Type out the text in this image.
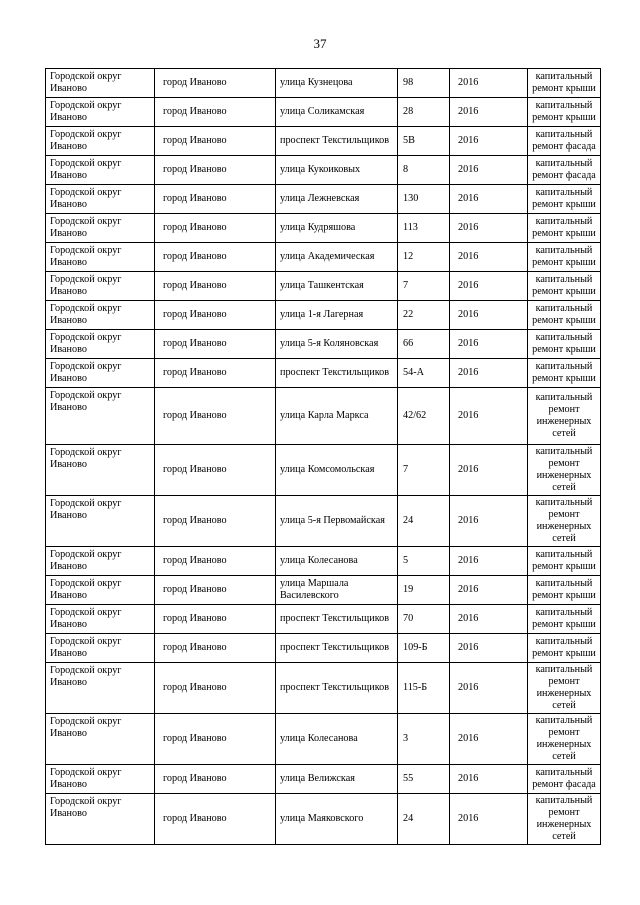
37
Городской округ Иваново	город Иваново	улица Кузнецова	98	2016	капитальный ремонт крыши
Городской округ Иваново	город Иваново	улица Соликамская	28	2016	капитальный ремонт крыши
Городской округ Иваново	город Иваново	проспект Текстильщиков	5В	2016	капитальный ремонт фасада
Городской округ Иваново	город Иваново	улица Кукоиковых	8	2016	капитальный ремонт фасада
Городской округ Иваново	город Иваново	улица Лежневская	130	2016	капитальный ремонт крыши
Городской округ Иваново	город Иваново	улица Кудряшова	113	2016	капитальный ремонт крыши
Городской округ Иваново	город Иваново	улица Академическая	12	2016	капитальный ремонт крыши
Городской округ Иваново	город Иваново	улица Ташкентская	7	2016	капитальный ремонт крыши
Городской округ Иваново	город Иваново	улица 1-я Лагерная	22	2016	капитальный ремонт крыши
Городской округ Иваново	город Иваново	улица 5-я Коляновская	66	2016	капитальный ремонт крыши
Городской округ Иваново	город Иваново	проспект Текстильщиков	54-А	2016	капитальный ремонт крыши
Городской округ Иваново	город Иваново	улица Карла Маркса	42/62	2016	капитальный ремонт инженерных сетей
Городской округ Иваново	город Иваново	улица Комсомольская	7	2016	капитальный ремонт инженерных сетей
Городской округ Иваново	город Иваново	улица 5-я Первомайская	24	2016	капитальный ремонт инженерных сетей
Городской округ Иваново	город Иваново	улица Колесанова	5	2016	капитальный ремонт крыши
Городской округ Иваново	город Иваново	улица Маршала Василевского	19	2016	капитальный ремонт крыши
Городской округ Иваново	город Иваново	проспект Текстильщиков	70	2016	капитальный ремонт крыши
Городской округ Иваново	город Иваново	проспект Текстильщиков	109-Б	2016	капитальный ремонт крыши
Городской округ Иваново	город Иваново	проспект Текстильщиков	115-Б	2016	капитальный ремонт инженерных сетей
Городской округ Иваново	город Иваново	улица Колесанова	3	2016	капитальный ремонт инженерных сетей
Городской округ Иваново	город Иваново	улица Велижская	55	2016	капитальный ремонт фасада
Городской округ Иваново	город Иваново	улица Маяковского	24	2016	капитальный ремонт инженерных сетей
